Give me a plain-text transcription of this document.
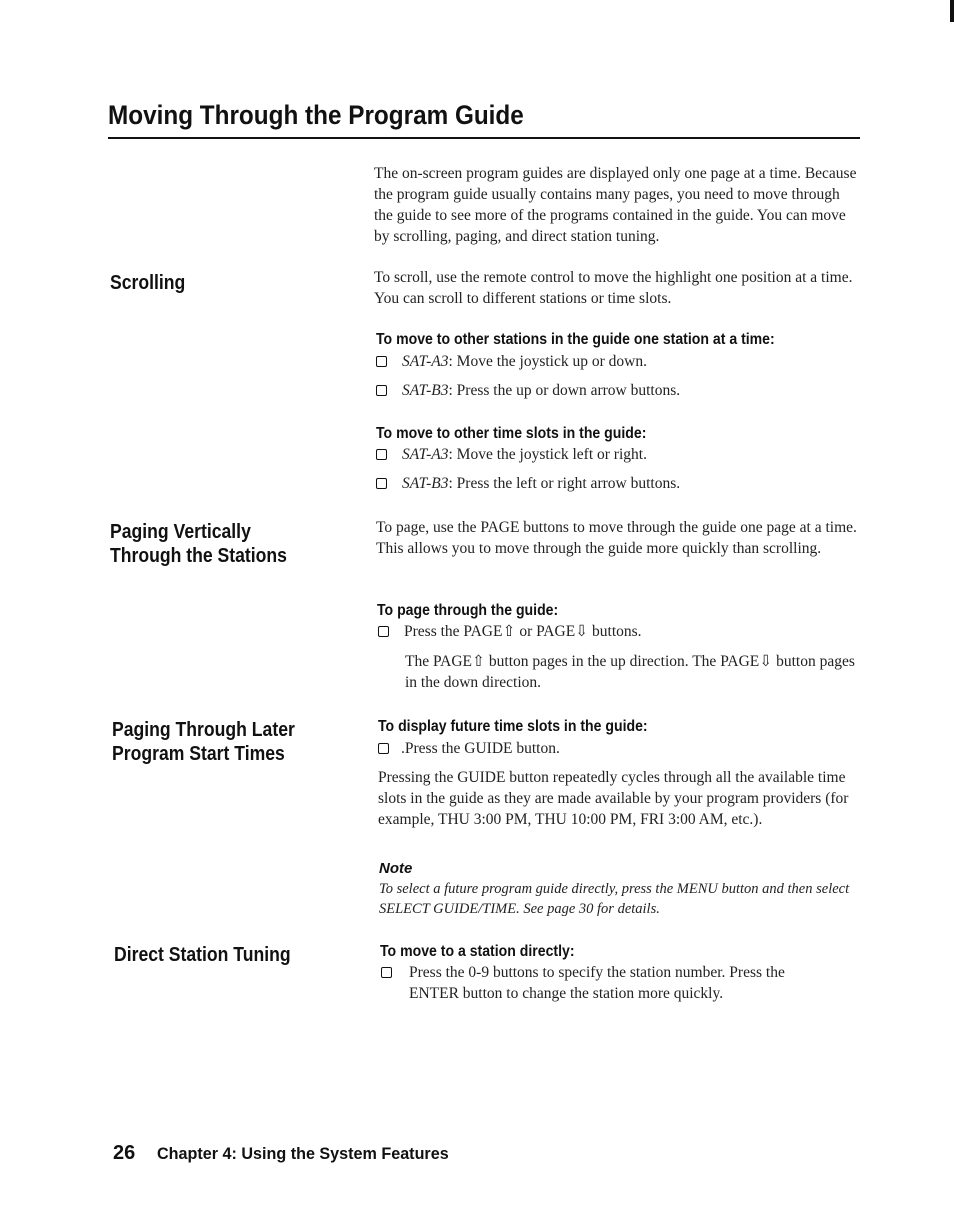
Moving Through the Program Guide
The on-screen program guides are displayed only one page at a time. Because the program guide usually contains many pages, you need to move through the guide to see more of the programs contained in the guide. You can move by scrolling, paging, and direct station tuning.
Scrolling	To scroll, use the remote control to move the highlight one position at a time. You can scroll to different stations or time slots.
To move to other stations in the guide one station at a time:
SAT-A3: Move the joystick up or down.
SAT-B3: Press the up or down arrow buttons.
To move to other time slots in the guide:
SAT-A3: Move the joystick left or right.
SAT-B3: Press the left or right arrow buttons.
Paging Vertically
Through the Stations
To page, use the PAGE buttons to move through the guide one page at a time. This allows you to move through the guide more quickly than scrolling.
To page through the guide:
Press the PAGE⇧ or PAGE⇩ buttons.
The PAGE⇧ button pages in the up direction. The PAGE⇩ button pages in the down direction.
Paging Through Later
Program Start Times
To display future time slots in the guide:
.Press the GUIDE button.
Pressing the GUIDE button repeatedly cycles through all the available time slots in the guide as they are made available by your program providers (for example, THU 3:00 PM, THU 10:00 PM, FRI 3:00 AM, etc.).
Note
To select a future program guide directly, press the MENU button and then select SELECT GUIDE/TIME. See page 30 for details.
Direct Station Tuning	To move to a station directly:
Press the 0-9 buttons to specify the station number. Press the ENTER button to change the station more quickly.
26 Chapter 4: Using the System Features
